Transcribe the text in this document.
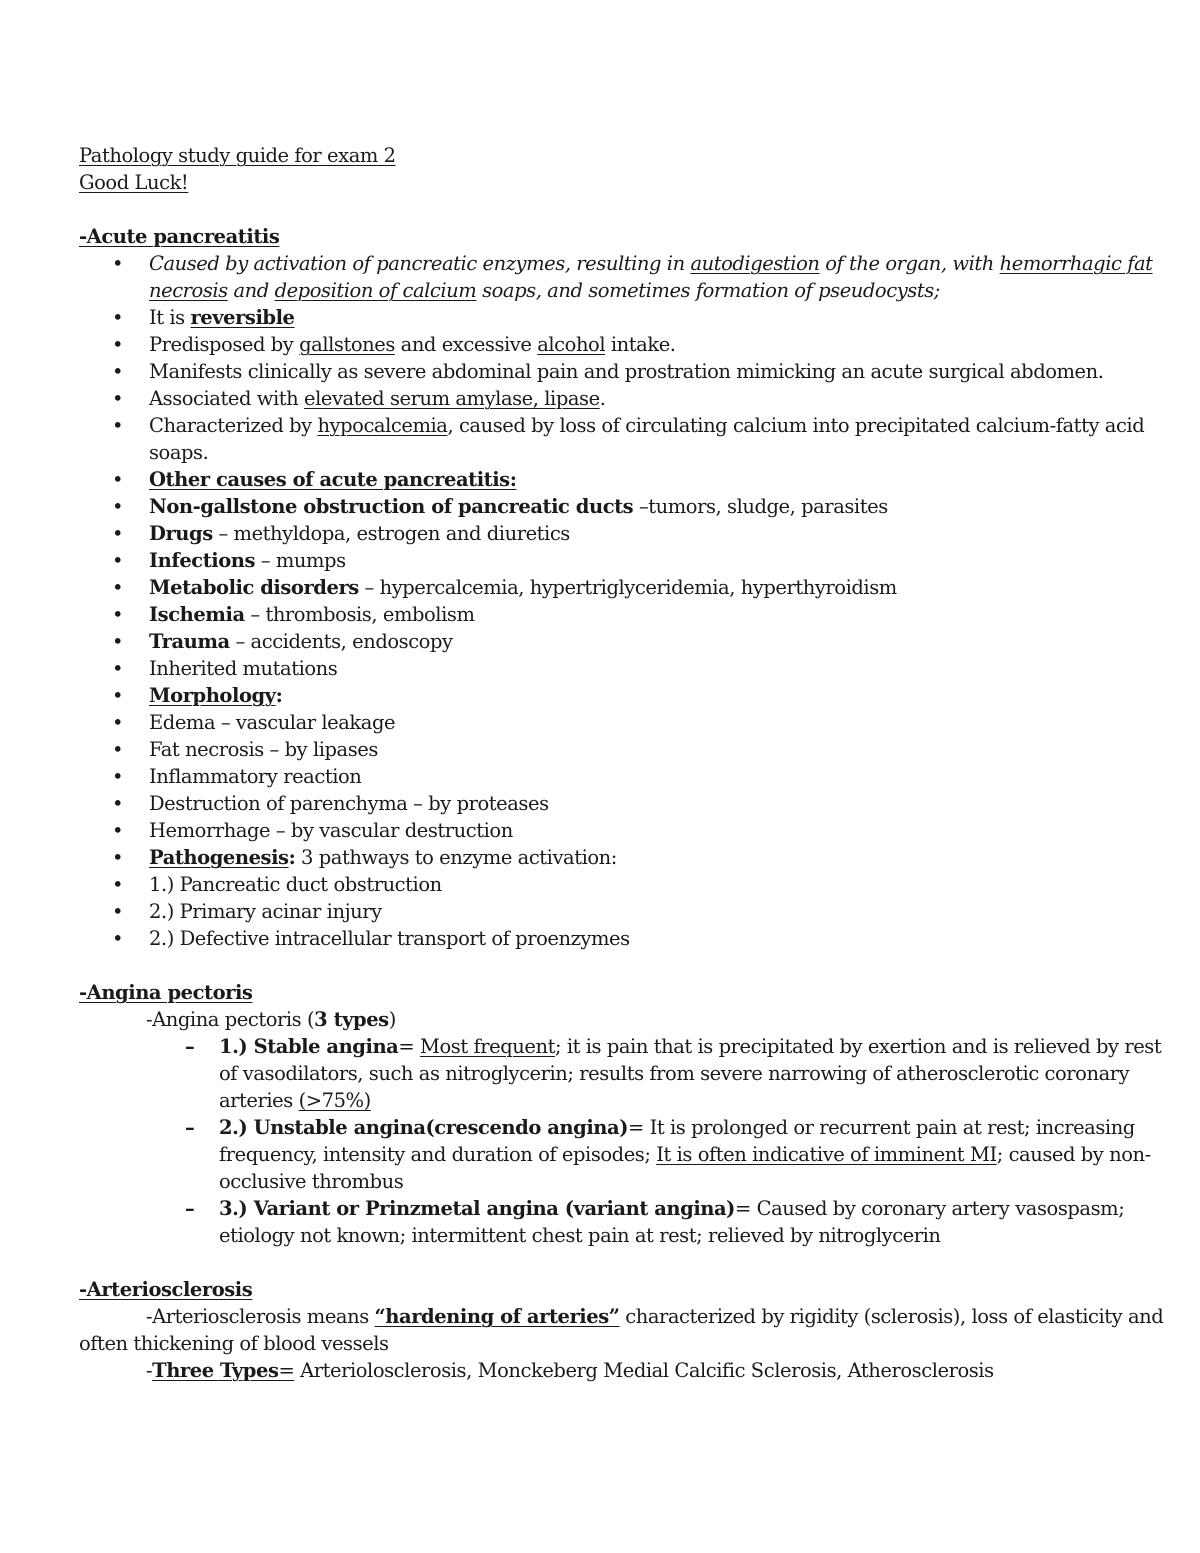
Pathology study guide for exam 2
Good Luck!
-Acute pancreatitis
• Caused by activation of pancreatic enzymes, resulting in autodigestion of the organ, with hemorrhagic fat necrosis and deposition of calcium soaps, and sometimes formation of pseudocysts;
• It is reversible
• Predisposed by gallstones and excessive alcohol intake.
• Manifests clinically as severe abdominal pain and prostration mimicking an acute surgical abdomen.
• Associated with elevated serum amylase, lipase.
• Characterized by hypocalcemia, caused by loss of circulating calcium into precipitated calcium-fatty acid soaps.
• Other causes of acute pancreatitis:
• Non-gallstone obstruction of pancreatic ducts –tumors, sludge, parasites
• Drugs – methyldopa, estrogen and diuretics
• Infections – mumps
• Metabolic disorders – hypercalcemia, hypertriglyceridemia, hyperthyroidism
• Ischemia – thrombosis, embolism
• Trauma – accidents, endoscopy
• Inherited mutations
• Morphology:
• Edema – vascular leakage
• Fat necrosis – by lipases
• Inflammatory reaction
• Destruction of parenchyma – by proteases
• Hemorrhage – by vascular destruction
• Pathogenesis: 3 pathways to enzyme activation:
• 1.) Pancreatic duct obstruction
• 2.) Primary acinar injury
• 2.) Defective intracellular transport of proenzymes
-Angina pectoris
-Angina pectoris (3 types)
– 1.) Stable angina= Most frequent; it is pain that is precipitated by exertion and is relieved by rest of vasodilators, such as nitroglycerin; results from severe narrowing of atherosclerotic coronary arteries (>75%)
– 2.) Unstable angina(crescendo angina)= It is prolonged or recurrent pain at rest; increasing frequency, intensity and duration of episodes; It is often indicative of imminent MI; caused by non-occlusive thrombus
– 3.) Variant or Prinzmetal angina (variant angina)= Caused by coronary artery vasospasm; etiology not known; intermittent chest pain at rest; relieved by nitroglycerin
-Arteriosclerosis
-Arteriosclerosis means “hardening of arteries” characterized by rigidity (sclerosis), loss of elasticity and often thickening of blood vessels
-Three Types= Arteriolosclerosis, Monckeberg Medial Calcific Sclerosis, Atherosclerosis
